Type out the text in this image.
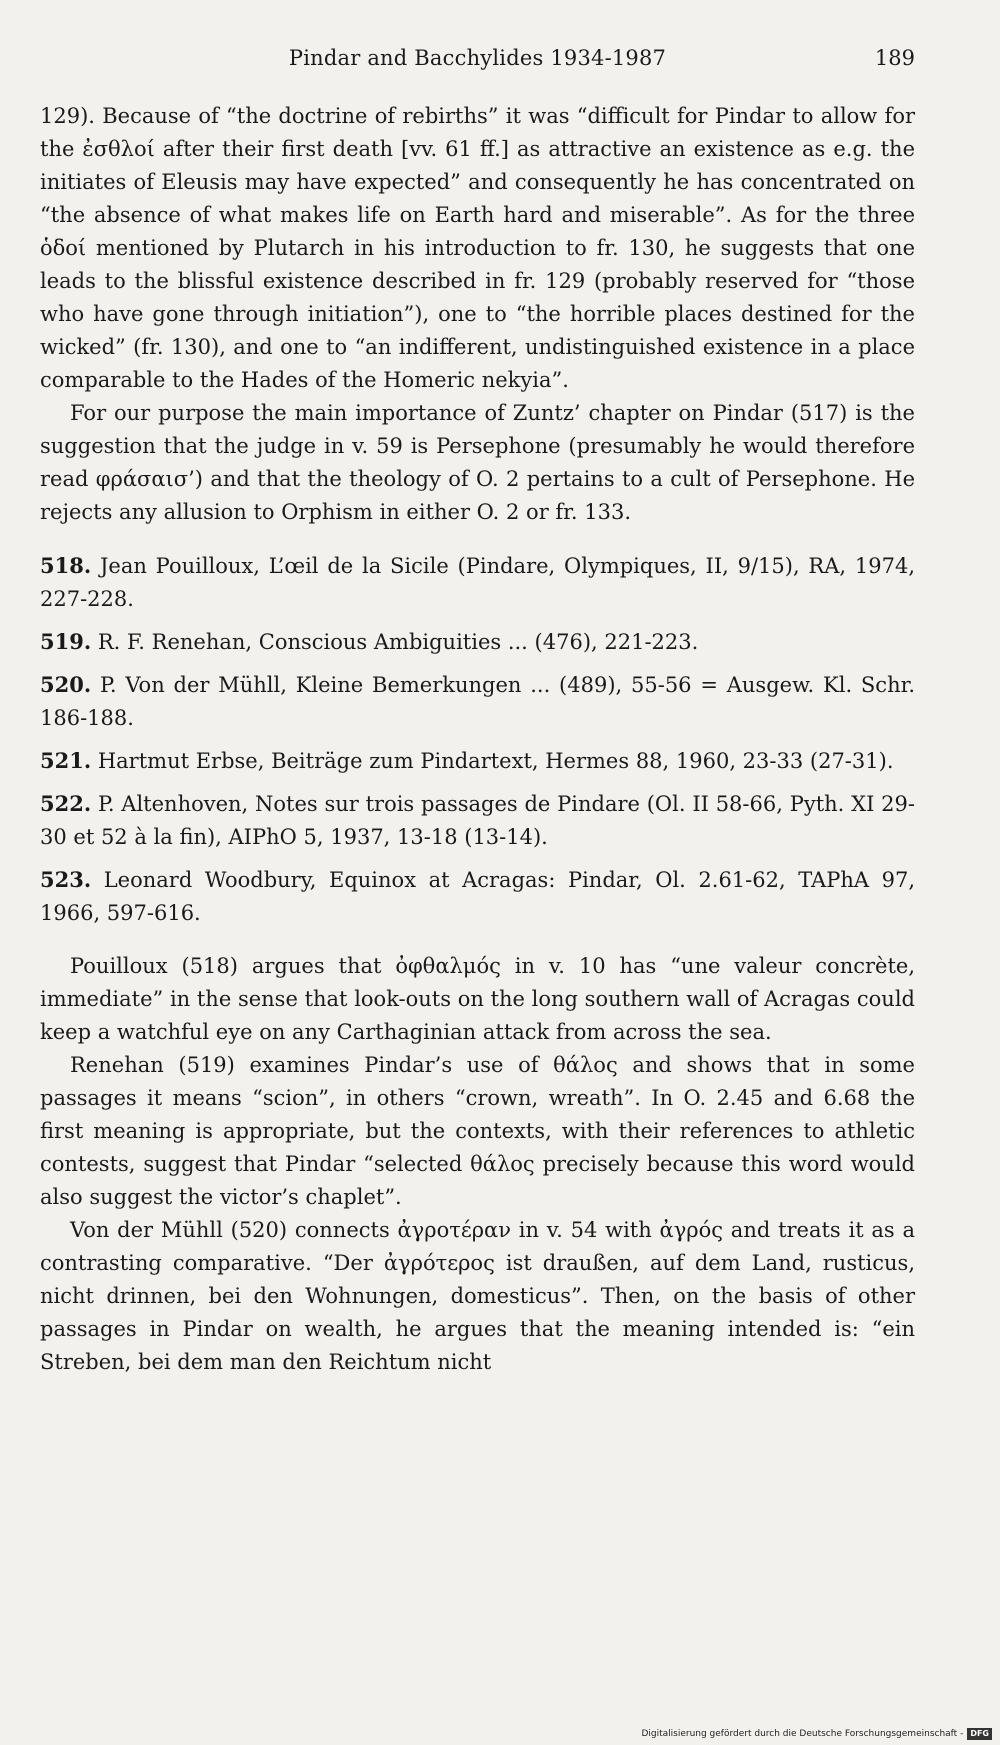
Pindar and Bacchylides 1934-1987	189

129). Because of “the doctrine of rebirths” it was “difficult for Pindar to allow for the ἐσθλοί after their first death [vv. 61 ff.] as attractive an existence as e.g. the initiates of Eleusis may have expected” and consequently he has concentrated on “the absence of what makes life on Earth hard and miserable”. As for the three ὁδοί mentioned by Plutarch in his introduction to fr. 130, he suggests that one leads to the blissful existence described in fr. 129 (probably reserved for “those who have gone through initiation”), one to “the horrible places destined for the wicked” (fr. 130), and one to “an indifferent, undistinguished existence in a place comparable to the Hades of the Homeric nekyia”.

For our purpose the main importance of Zuntz’ chapter on Pindar (517) is the suggestion that the judge in v. 59 is Persephone (presumably he would therefore read φράσαισ’) and that the theology of O. 2 pertains to a cult of Persephone. He rejects any allusion to Orphism in either O. 2 or fr. 133.

518. Jean Pouilloux, L’œil de la Sicile (Pindare, Olympiques, II, 9/15), RA, 1974, 227-228.

519. R. F. Renehan, Conscious Ambiguities ... (476), 221-223.

520. P. Von der Mühll, Kleine Bemerkungen ... (489), 55-56 = Ausgew. Kl. Schr. 186-188.

521. Hartmut Erbse, Beiträge zum Pindartext, Hermes 88, 1960, 23-33 (27-31).

522. P. Altenhoven, Notes sur trois passages de Pindare (Ol. II 58-66, Pyth. XI 29-30 et 52 à la fin), AIPhO 5, 1937, 13-18 (13-14).

523. Leonard Woodbury, Equinox at Acragas: Pindar, Ol. 2.61-62, TAPhA 97, 1966, 597-616.

Pouilloux (518) argues that ὀφθαλμός in v. 10 has “une valeur concrète, immediate” in the sense that look-outs on the long southern wall of Acragas could keep a watchful eye on any Carthaginian attack from across the sea.

Renehan (519) examines Pindar’s use of θάλος and shows that in some passages it means “scion”, in others “crown, wreath”. In O. 2.45 and 6.68 the first meaning is appropriate, but the contexts, with their references to athletic contests, suggest that Pindar “selected θάλος precisely because this word would also suggest the victor’s chaplet”.

Von der Mühll (520) connects ἀγροτέραν in v. 54 with ἀγρός and treats it as a contrasting comparative. “Der ἀγρότερος ist draußen, auf dem Land, rusticus, nicht drinnen, bei den Wohnungen, domesticus”. Then, on the basis of other passages in Pindar on wealth, he argues that the meaning intended is: “ein Streben, bei dem man den Reichtum nicht

Digitalisierung gefördert durch die Deutsche Forschungsgemeinschaft - DFG
